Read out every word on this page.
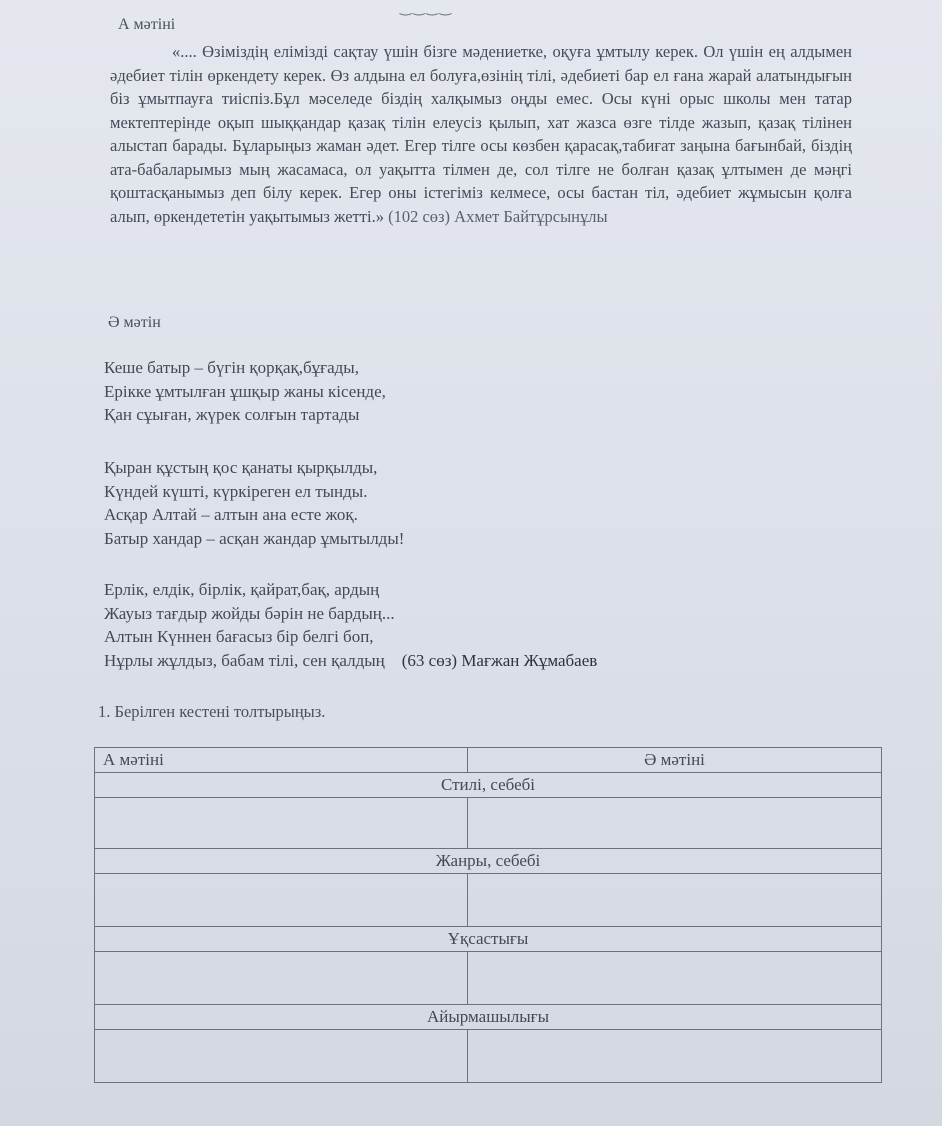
‿‿‿‿
А мәтіні
«.... Өзіміздің елімізді сақтау үшін бізге мәдениетке, оқуға ұмтылу керек. Ол үшін ең алдымен әдебиет тілін өркендету керек. Өз алдына ел болуға,өзінің тілі, әдебиеті бар ел ғана жарай алатындығын біз ұмытпауға тиіспіз.Бұл мәселеде біздің халқымыз оңды емес. Осы күні орыс школы мен татар мектептерінде оқып шыққандар қазақ тілін елеусіз қылып, хат жазса өзге тілде жазып, қазақ тілінен алыстап барады. Бұларыңыз жаман әдет. Егер тілге осы көзбен қарасақ,табиғат заңына бағынбай, біздің ата-бабаларымыз мың жасамаса, ол уақытта тілмен де, сол тілге не болған қазақ ұлтымен де мәңгі қоштасқанымыз деп білу керек. Егер оны істегіміз келмесе, осы бастан тіл, әдебиет жұмысын қолға алып, өркендететін уақытымыз жетті.» (102 сөз) Ахмет Байтұрсынұлы
Ә мәтін
Кеше батыр – бүгін қорқақ,бұғады,
Ерікке ұмтылған ұшқыр жаны кісенде,
Қан сұыған, жүрек солғын тартады
Қыран құстың қос қанаты қырқылды,
Күндей күшті, күркіреген ел тынды.
Асқар Алтай – алтын ана есте жоқ.
Батыр хандар – асқан жандар ұмытылды!
Ерлік, елдік, бірлік, қайрат,бақ, ардың
Жауыз тағдыр жойды бәрін не бардың...
Алтын Күннен бағасыз бір белгі боп,
Нұрлы жұлдыз, бабам тілі, сен қалдың (63 сөз) Мағжан Жұмабаев
1. Берілген кестені толтырыңыз.
А мәтіні	Ә мәтіні
Стилі, себебі	

Жанры, себебі	

Ұқсастығы	

Айырмашылығы	
